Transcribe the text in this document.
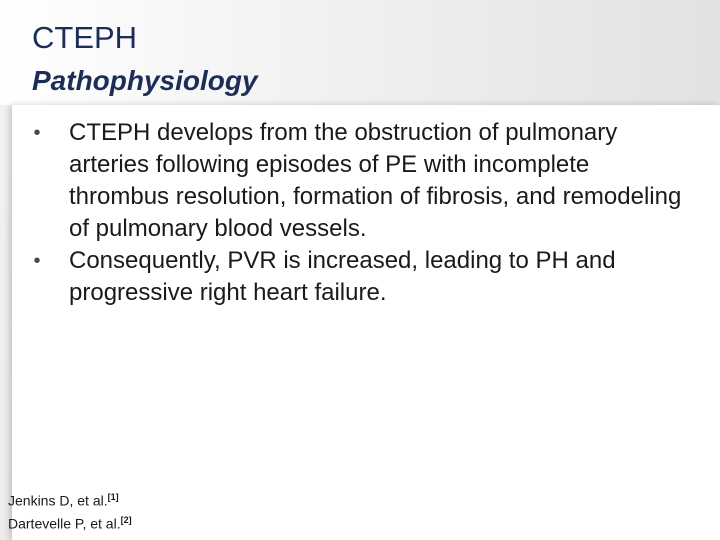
CTEPH
Pathophysiology
•	CTEPH develops from the obstruction of pulmonary arteries following episodes of PE with incomplete thrombus resolution, formation of fibrosis, and remodeling of pulmonary blood vessels.
•	Consequently, PVR is increased, leading to PH and progressive right heart failure.
Jenkins D, et al.[1]
Dartevelle P, et al.[2]
